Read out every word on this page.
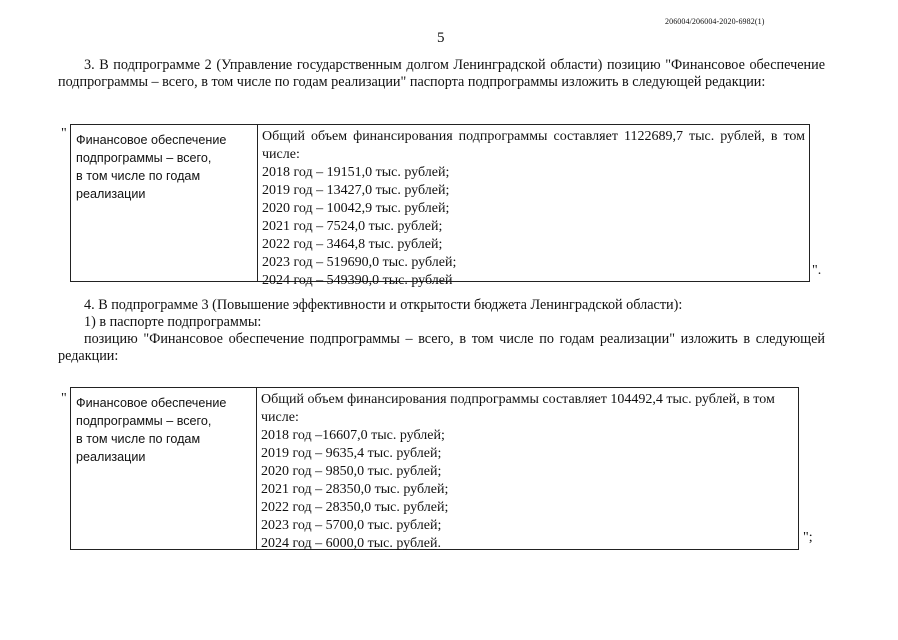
206004/206004-2020-6982(1)
5
3. В подпрограмме 2 (Управление государственным долгом Ленинградской области) позицию "Финансовое обеспечение подпрограммы – всего, в том числе по годам реализации" паспорта подпрограммы изложить в следующей редакции:
" Финансовое обеспечение
подпрограммы – всего,
в том числе по годам
реализации
Общий объем финансирования подпрограммы составляет 1122689,7 тыс. рублей, в том числе:
2018 год – 19151,0 тыс. рублей;
2019 год – 13427,0 тыс. рублей;
2020 год – 10042,9 тыс. рублей;
2021 год – 7524,0 тыс. рублей;
2022 год – 3464,8 тыс. рублей;
2023 год – 519690,0 тыс. рублей;
2024 год – 549390,0 тыс. рублей
".
4. В подпрограмме 3 (Повышение эффективности и открытости бюджета Ленинградской области):
1) в паспорте подпрограммы:
позицию "Финансовое обеспечение подпрограммы – всего, в том числе по годам реализации" изложить в следующей редакции:
" Финансовое обеспечение
подпрограммы – всего,
в том числе по годам
реализации
Общий объем финансирования подпрограммы составляет 104492,4 тыс. рублей, в том числе:
2018 год –16607,0 тыс. рублей;
2019 год – 9635,4 тыс. рублей;
2020 год – 9850,0 тыс. рублей;
2021 год – 28350,0 тыс. рублей;
2022 год – 28350,0 тыс. рублей;
2023 год – 5700,0 тыс. рублей;
2024 год – 6000,0 тыс. рублей.	";
